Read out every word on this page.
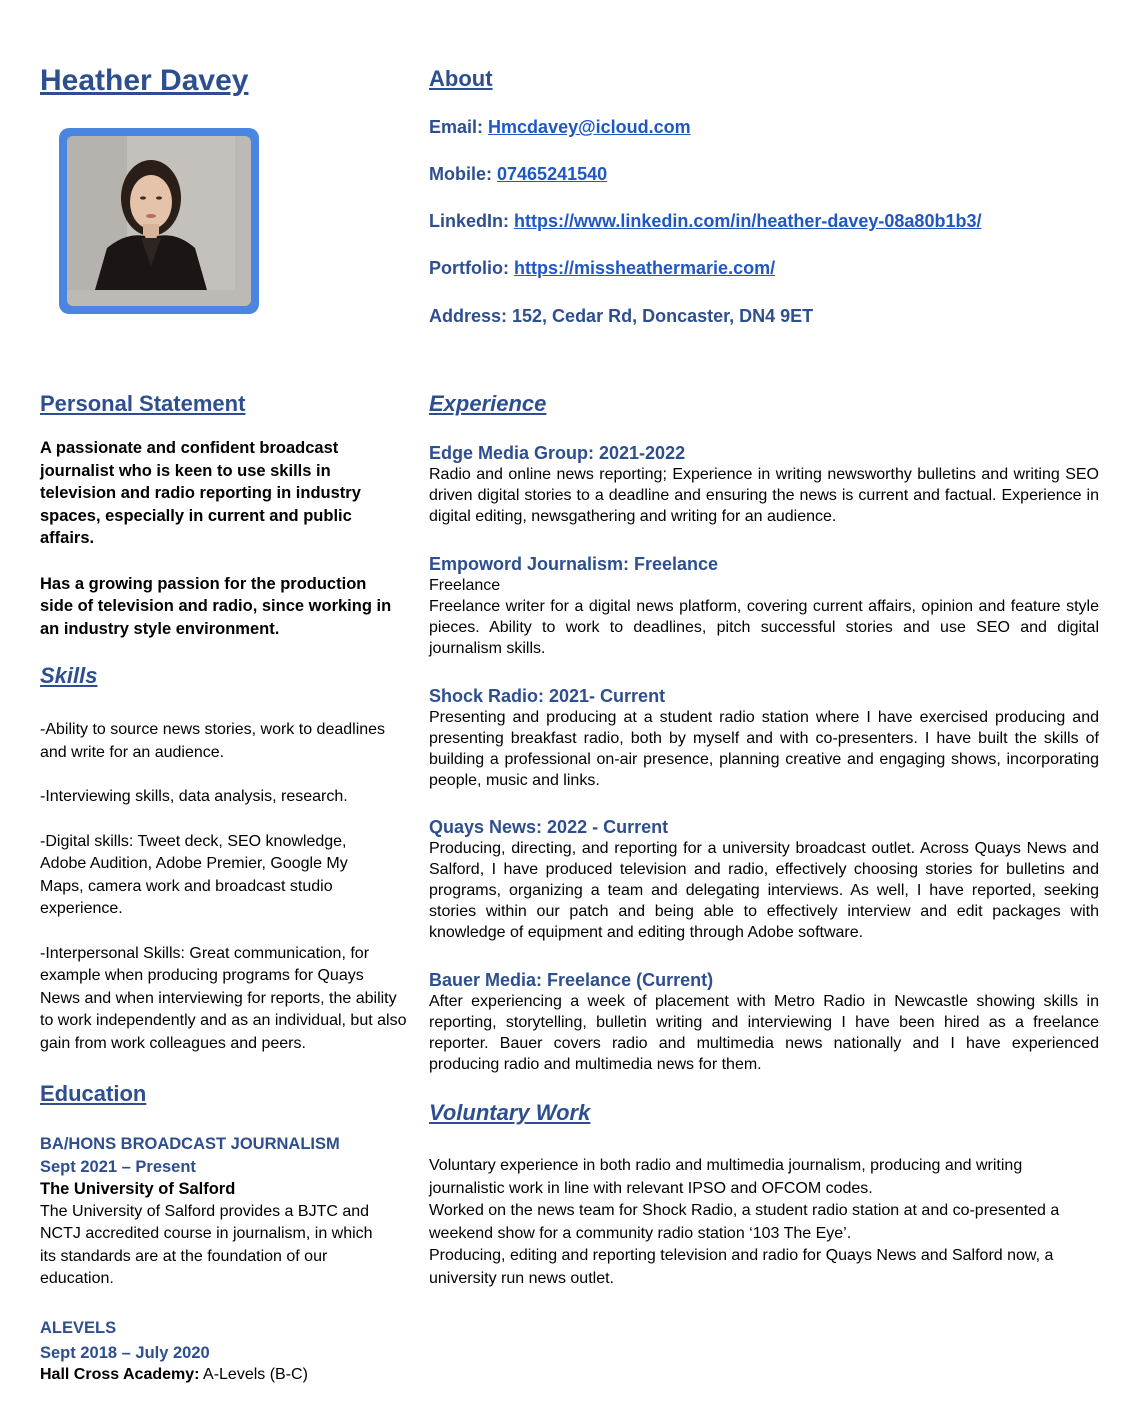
Heather Davey
Personal Statement

A passionate and confident broadcast journalist who is keen to use skills in television and radio reporting in industry spaces, especially in current and public affairs.

Has a growing passion for the production side of television and radio, since working in an industry style environment.

Skills

-Ability to source news stories, work to deadlines and write for an audience.

-Interviewing skills, data analysis, research.

-Digital skills: Tweet deck, SEO knowledge, Adobe Audition, Adobe Premier, Google My Maps, camera work and broadcast studio experience.

-Interpersonal Skills: Great communication, for example when producing programs for Quays News and when interviewing for reports, the ability to work independently and as an individual, but also gain from work colleagues and peers.

Education

BA/HONS BROADCAST JOURNALISM

Sept 2021 – Present

The University of Salford

The University of Salford provides a BJTC and NCTJ accredited course in journalism, in which its standards are at the foundation of our education.

ALEVELS

Sept 2018 – July 2020

Hall Cross Academy: A-Levels (B-C)

About

Email: Hmcdavey@icloud.com

Mobile: 07465241540

LinkedIn: https://www.linkedin.com/in/heather-davey-08a80b1b3/

Portfolio: https://missheathermarie.com/

Address: 152, Cedar Rd, Doncaster, DN4 9ET

Experience

Edge Media Group: 2021-2022

Radio and online news reporting; Experience in writing newsworthy bulletins and writing SEO driven digital stories to a deadline and ensuring the news is current and factual. Experience in digital editing, newsgathering and writing for an audience.

Empoword Journalism: Freelance

Freelance

Freelance writer for a digital news platform, covering current affairs, opinion and feature style pieces. Ability to work to deadlines, pitch successful stories and use SEO and digital journalism skills.

Shock Radio: 2021- Current

Presenting and producing at a student radio station where I have exercised producing and presenting breakfast radio, both by myself and with co-presenters. I have built the skills of building a professional on-air presence, planning creative and engaging shows, incorporating people, music and links.

Quays News: 2022 - Current

Producing, directing, and reporting for a university broadcast outlet. Across Quays News and Salford, I have produced television and radio, effectively choosing stories for bulletins and programs, organizing a team and delegating interviews. As well, I have reported, seeking stories within our patch and being able to effectively interview and edit packages with knowledge of equipment and editing through Adobe software.

Bauer Media: Freelance (Current)

After experiencing a week of placement with Metro Radio in Newcastle showing skills in reporting, storytelling, bulletin writing and interviewing I have been hired as a freelance reporter. Bauer covers radio and multimedia news nationally and I have experienced producing radio and multimedia news for them.

Voluntary Work

Voluntary experience in both radio and multimedia journalism, producing and writing journalistic work in line with relevant IPSO and OFCOM codes.

Worked on the news team for Shock Radio, a student radio station at and co-presented a weekend show for a community radio station ‘103 The Eye’.

Producing, editing and reporting television and radio for Quays News and Salford now, a university run news outlet.
